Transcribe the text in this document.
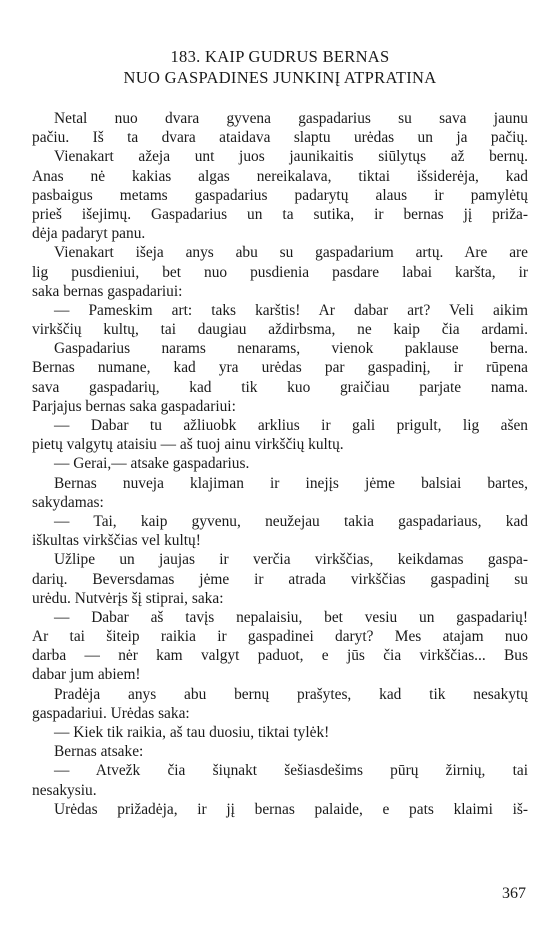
183. KAIP GUDRUS BERNAS
NUO GASPADINES JUNKINĮ ATPRATINA
Netal nuo dvara gyvena gaspadarius su sava jaunu
pačiu. Iš ta dvara ataidava slaptu urėdas un ja pačių.
Vienakart ažeja unt juos jaunikaitis siūlytųs až bernų.
Anas nė kakias algas nereikalava, tiktai išsiderėja, kad
pasbaigus metams gaspadarius padarytų alaus ir pamylėtų
prieš išejimų. Gaspadarius un ta sutika, ir bernas jį priža-
dėja padaryt panu.
Vienakart išeja anys abu su gaspadarium artų. Are are
lig pusdieniui, bet nuo pusdienia pasdare labai karšta, ir
saka bernas gaspadariui:
— Pameskim art: taks karštis! Ar dabar art? Veli aikim
virkščių kultų, tai daugiau aždirbsma, ne kaip čia ardami.
Gaspadarius narams nenarams, vienok paklause berna.
Bernas numane, kad yra urėdas par gaspadinį, ir rūpena
sava gaspadarių, kad tik kuo graičiau parjate nama.
Parjajus bernas saka gaspadariui:
— Dabar tu ažliuobk arklius ir gali prigult, lig ašen
pietų valgytų ataisiu — aš tuoj ainu virkščių kultų.
— Gerai,— atsake gaspadarius.
Bernas nuveja klajiman ir inejįs jėme balsiai bartes,
sakydamas:
— Tai, kaip gyvenu, neužejau takia gaspadariaus, kad
iškultas virkščias vel kultų!
Užlipe un jaujas ir verčia virkščias, keikdamas gaspa-
darių. Beversdamas jėme ir atrada virkščias gaspadinį su
urėdu. Nutvėrįs šį stiprai, saka:
— Dabar aš tavįs nepalaisiu, bet vesiu un gaspadarių!
Ar tai šiteip raikia ir gaspadinei daryt? Mes atajam nuo
darba — nėr kam valgyt paduot, e jūs čia virkščias... Bus
dabar jum abiem!
Pradėja anys abu bernų prašytes, kad tik nesakytų
gaspadariui. Urėdas saka:
— Kiek tik raikia, aš tau duosiu, tiktai tylėk!
Bernas atsake:
— Atvežk čia šiųnakt šešiasdešims pūrų žirnių, tai
nesakysiu.
Urėdas prižadėja, ir jį bernas palaide, e pats klaimi iš-
367
